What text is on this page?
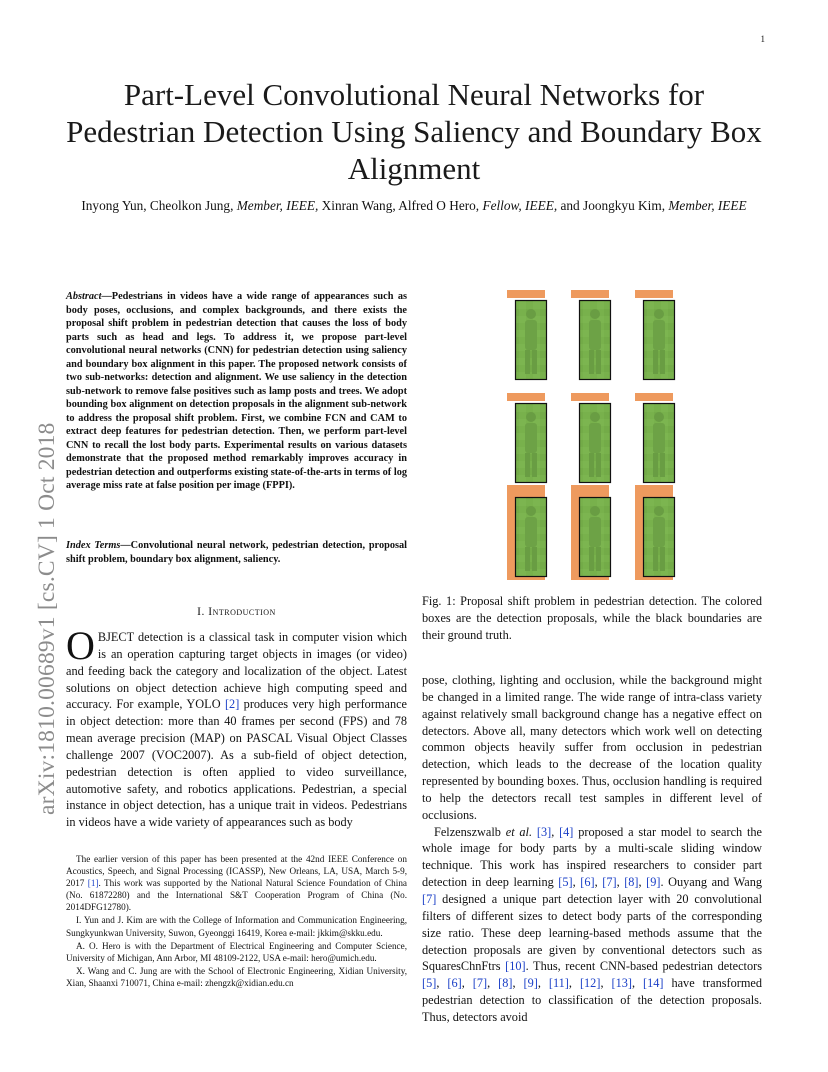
1
Part-Level Convolutional Neural Networks for Pedestrian Detection Using Saliency and Boundary Box Alignment
Inyong Yun, Cheolkon Jung, Member, IEEE, Xinran Wang, Alfred O Hero, Fellow, IEEE, and Joongkyu Kim, Member, IEEE
arXiv:1810.00689v1 [cs.CV] 1 Oct 2018
Abstract—Pedestrians in videos have a wide range of appearances such as body poses, occlusions, and complex backgrounds, and there exists the proposal shift problem in pedestrian detection that causes the loss of body parts such as head and legs. To address it, we propose part-level convolutional neural networks (CNN) for pedestrian detection using saliency and boundary box alignment in this paper. The proposed network consists of two sub-networks: detection and alignment. We use saliency in the detection sub-network to remove false positives such as lamp posts and trees. We adopt bounding box alignment on detection proposals in the alignment sub-network to address the proposal shift problem. First, we combine FCN and CAM to extract deep features for pedestrian detection. Then, we perform part-level CNN to recall the lost body parts. Experimental results on various datasets demonstrate that the proposed method remarkably improves accuracy in pedestrian detection and outperforms existing state-of-the-arts in terms of log average miss rate at false position per image (FPPI).
Index Terms—Convolutional neural network, pedestrian detection, proposal shift problem, boundary box alignment, saliency.
I. Introduction
OBJECT detection is a classical task in computer vision which is an operation capturing target objects in images (or video) and feeding back the category and localization of the object. Latest solutions on object detection achieve high computing speed and accuracy. For example, YOLO [2] produces very high performance in object detection: more than 40 frames per second (FPS) and 78 mean average precision (MAP) on PASCAL Visual Object Classes challenge 2007 (VOC2007). As a sub-field of object detection, pedestrian detection is often applied to video surveillance, automotive safety, and robotics applications. Pedestrian, a special instance in object detection, has a unique trait in videos. Pedestrians in videos have a wide variety of appearances such as body

The earlier version of this paper has been presented at the 42nd IEEE Conference on Acoustics, Speech, and Signal Processing (ICASSP), New Orleans, LA, USA, March 5-9, 2017 [1]. This work was supported by the National Natural Science Foundation of China (No. 61872280) and the International S&T Cooperation Program of China (No. 2014DFG12780).

I. Yun and J. Kim are with the College of Information and Communication Engineering, Sungkyunkwan University, Suwon, Gyeonggi 16419, Korea e-mail: jkkim@skku.edu.

A. O. Hero is with the Department of Electrical Engineering and Computer Science, University of Michigan, Ann Arbor, MI 48109-2122, USA e-mail: hero@umich.edu.

X. Wang and C. Jung are with the School of Electronic Engineering, Xidian University, Xian, Shaanxi 710071, China e-mail: zhengzk@xidian.edu.cn

Fig. 1: Proposal shift problem in pedestrian detection. The colored boxes are the detection proposals, while the black boundaries are their ground truth.

pose, clothing, lighting and occlusion, while the background might be changed in a limited range. The wide range of intra-class variety against relatively small background change has a negative effect on detectors. Above all, many detectors which work well on detecting common objects heavily suffer from occlusion in pedestrian detection, which leads to the decrease of the location quality represented by bounding boxes. Thus, occlusion handling is required to help the detectors recall test samples in different level of occlusions.

Felzenszwalb et al. [3], [4] proposed a star model to search the whole image for body parts by a multi-scale sliding window technique. This work has inspired researchers to consider part detection in deep learning [5], [6], [7], [8], [9]. Ouyang and Wang [7] designed a unique part detection layer with 20 convolutional filters of different sizes to detect body parts of the corresponding size ratio. These deep learning-based methods assume that the detection proposals are given by conventional detectors such as SquaresChnFtrs [10]. Thus, recent CNN-based pedestrian detectors [5], [6], [7], [8], [9], [11], [12], [13], [14] have transformed pedestrian detection to classification of the detection proposals. Thus, detectors avoid
